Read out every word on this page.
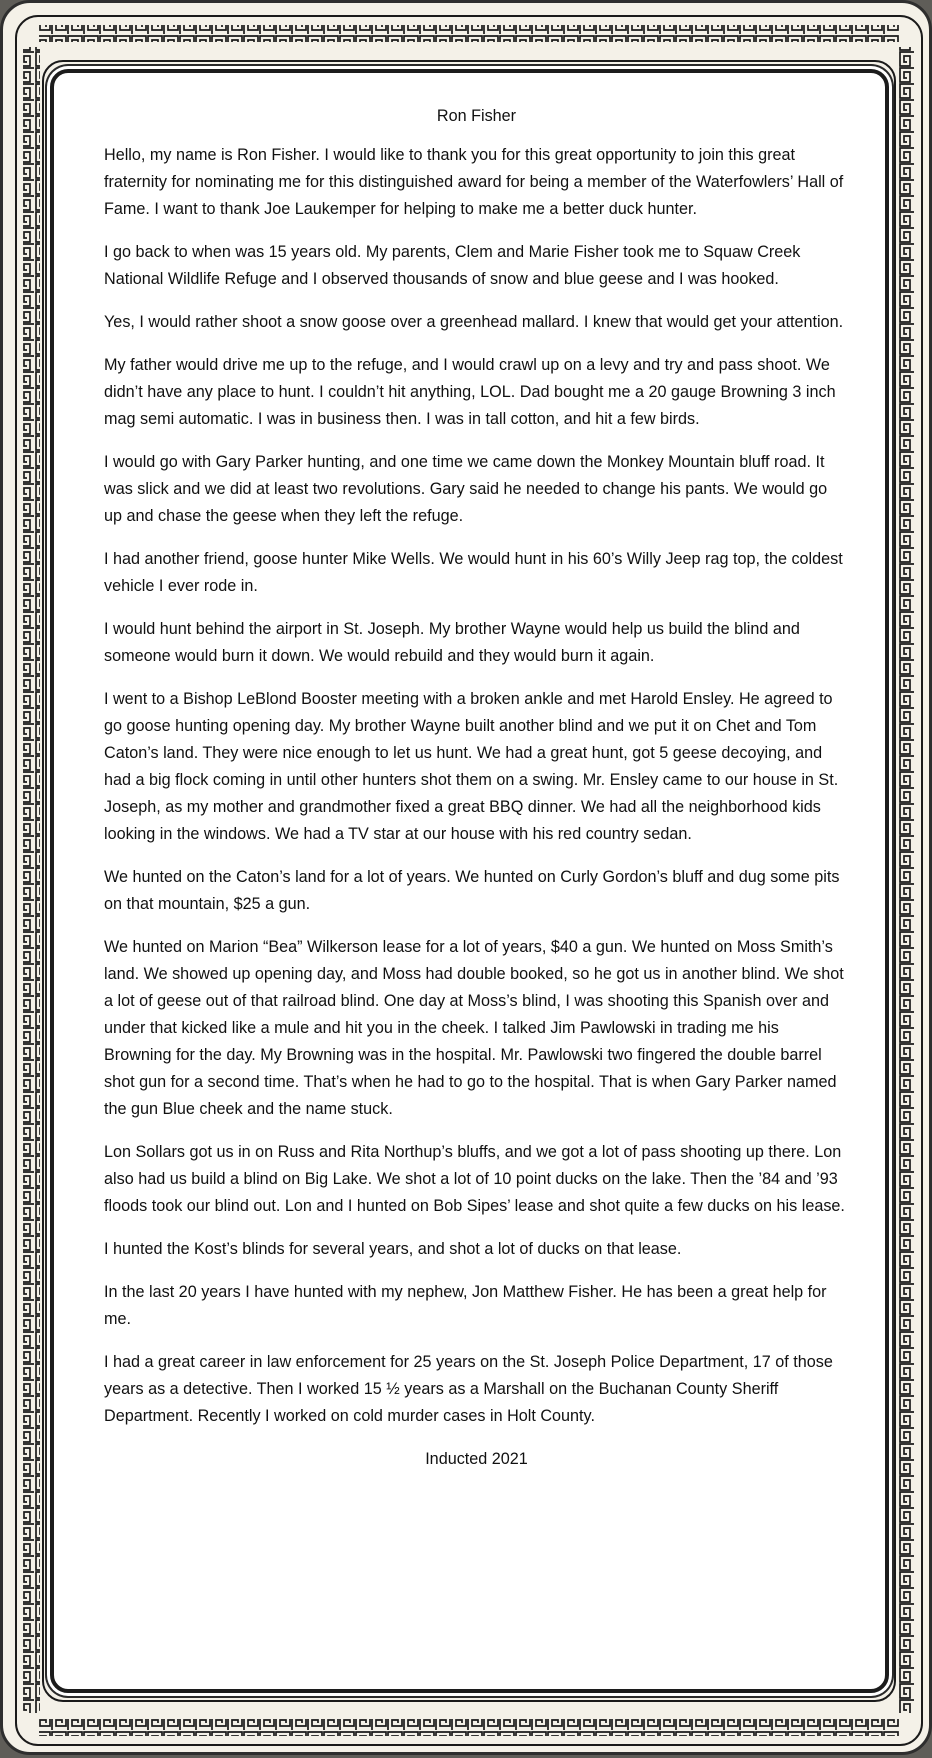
Ron Fisher

Hello, my name is Ron Fisher. I would like to thank you for this great opportunity to join this great fraternity for nominating me for this distinguished award for being a member of the Waterfowlers’ Hall of Fame. I want to thank Joe Laukemper for helping to make me a better duck hunter.

I go back to when was 15 years old. My parents, Clem and Marie Fisher took me to Squaw Creek National Wildlife Refuge and I observed thousands of snow and blue geese and I was hooked.

Yes, I would rather shoot a snow goose over a greenhead mallard. I knew that would get your attention.

My father would drive me up to the refuge, and I would crawl up on a levy and try and pass shoot. We didn’t have any place to hunt. I couldn’t hit anything, LOL. Dad bought me a 20 gauge Browning 3 inch mag semi automatic. I was in business then. I was in tall cotton, and hit a few birds.

I would go with Gary Parker hunting, and one time we came down the Monkey Mountain bluff road. It was slick and we did at least two revolutions. Gary said he needed to change his pants. We would go up and chase the geese when they left the refuge.

I had another friend, goose hunter Mike Wells. We would hunt in his 60’s Willy Jeep rag top, the coldest vehicle I ever rode in.

I would hunt behind the airport in St. Joseph. My brother Wayne would help us build the blind and someone would burn it down. We would rebuild and they would burn it again.

I went to a Bishop LeBlond Booster meeting with a broken ankle and met Harold Ensley. He agreed to go goose hunting opening day. My brother Wayne built another blind and we put it on Chet and Tom Caton’s land. They were nice enough to let us hunt. We had a great hunt, got 5 geese decoying, and had a big flock coming in until other hunters shot them on a swing. Mr. Ensley came to our house in St. Joseph, as my mother and grandmother fixed a great BBQ dinner. We had all the neighborhood kids looking in the windows. We had a TV star at our house with his red country sedan.

We hunted on the Caton’s land for a lot of years. We hunted on Curly Gordon’s bluff and dug some pits on that mountain, $25 a gun.

We hunted on Marion “Bea” Wilkerson lease for a lot of years, $40 a gun. We hunted on Moss Smith’s land. We showed up opening day, and Moss had double booked, so he got us in another blind. We shot a lot of geese out of that railroad blind. One day at Moss’s blind, I was shooting this Spanish over and under that kicked like a mule and hit you in the cheek. I talked Jim Pawlowski in trading me his Browning for the day. My Browning was in the hospital. Mr. Pawlowski two fingered the double barrel shot gun for a second time. That’s when he had to go to the hospital. That is when Gary Parker named the gun Blue cheek and the name stuck.

Lon Sollars got us in on Russ and Rita Northup’s bluffs, and we got a lot of pass shooting up there. Lon also had us build a blind on Big Lake. We shot a lot of 10 point ducks on the lake. Then the ’84 and ’93 floods took our blind out. Lon and I hunted on Bob Sipes’ lease and shot quite a few ducks on his lease.

I hunted the Kost’s blinds for several years, and shot a lot of ducks on that lease.

In the last 20 years I have hunted with my nephew, Jon Matthew Fisher. He has been a great help for me.

I had a great career in law enforcement for 25 years on the St. Joseph Police Department, 17 of those years as a detective. Then I worked 15 ½ years as a Marshall on the Buchanan County Sheriff Department. Recently I worked on cold murder cases in Holt County.

Inducted 2021
